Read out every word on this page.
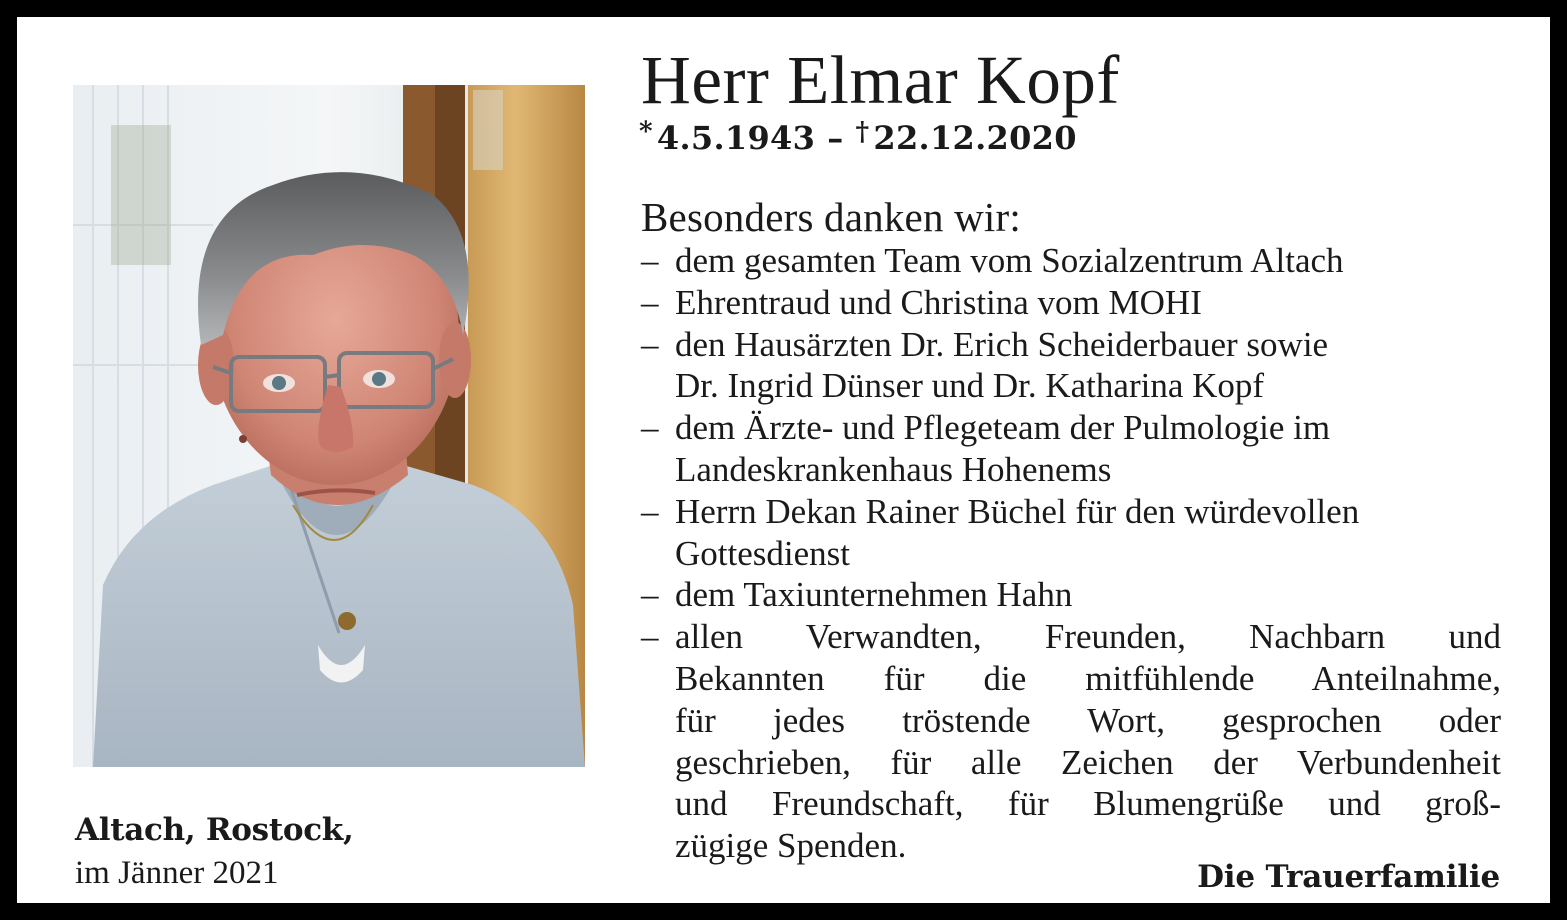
Altach, Rostock,
im Jänner 2021
Herr Elmar Kopf
* 4.5.1943 – † 22.12.2020
Besonders danken wir:
– dem gesamten Team vom Sozialzentrum Altach
– Ehrentraud und Christina vom MOHI
– den Hausärzten Dr. Erich Scheiderbauer sowie
Dr. Ingrid Dünser und Dr. Katharina Kopf
– dem Ärzte- und Pflegeteam der Pulmologie im
Landeskrankenhaus Hohenems
– Herrn Dekan Rainer Büchel für den würdevollen
Gottesdienst
– dem Taxiunternehmen Hahn
– allen Verwandten, Freunden, Nachbarn und
Bekannten für die mitfühlende Anteilnahme,
für jedes tröstende Wort, gesprochen oder
geschrieben, für alle Zeichen der Verbundenheit
und Freundschaft, für Blumengrüße und groß-
zügige Spenden.
Die Trauerfamilie
